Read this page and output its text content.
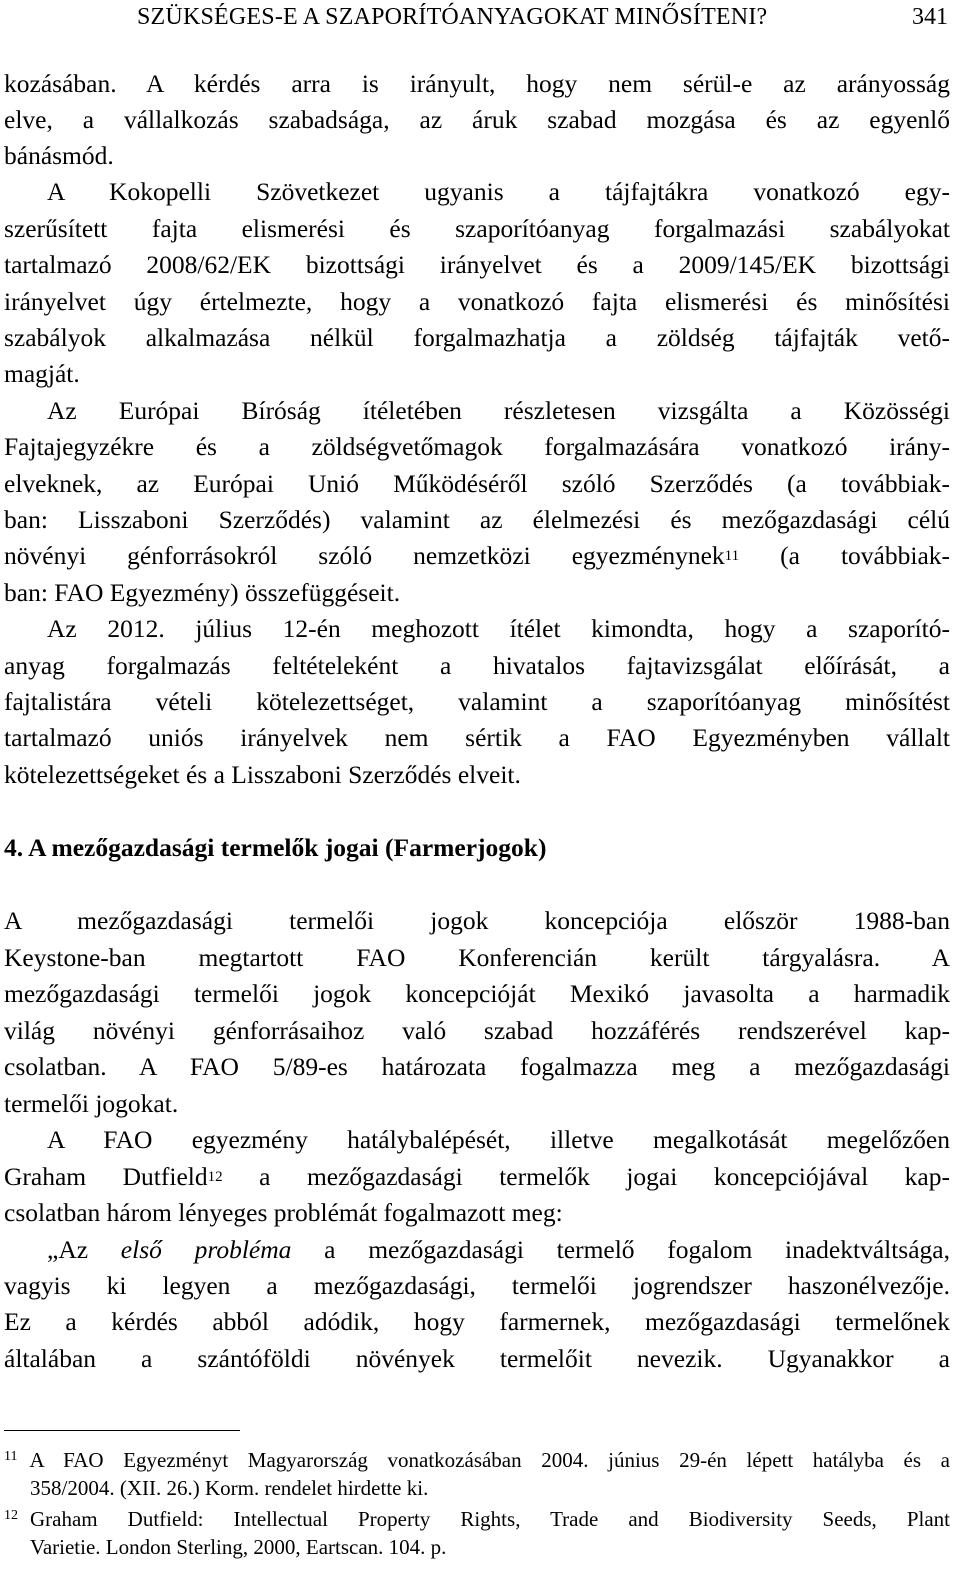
SZÜKSÉGES-E A SZAPORÍTÓANYAGOKAT MINŐSÍTENI?	341
kozásában. A kérdés arra is irányult, hogy nem sérül-e az arányosság
elve, a vállalkozás szabadsága, az áruk szabad mozgása és az egyenlő
bánásmód.
A Kokopelli Szövetkezet ugyanis a tájfajtákra vonatkozó egy-
szerűsített fajta elismerési és szaporítóanyag forgalmazási szabályokat
tartalmazó 2008/62/EK bizottsági irányelvet és a 2009/145/EK bizottsági
irányelvet úgy értelmezte, hogy a vonatkozó fajta elismerési és minősítési
szabályok alkalmazása nélkül forgalmazhatja a zöldség tájfajták vető-
magját.
Az Európai Bíróság ítéletében részletesen vizsgálta a Közösségi
Fajtajegyzékre és a zöldségvetőmagok forgalmazására vonatkozó irány-
elveknek, az Európai Unió Működéséről szóló Szerződés (a továbbiak-
ban: Lisszaboni Szerződés) valamint az élelmezési és mezőgazdasági célú
növényi génforrásokról szóló nemzetközi egyezménynek$^{11}$ (a továbbiak-
ban: FAO Egyezmény) összefüggéseit.
Az 2012. július 12-én meghozott ítélet kimondta, hogy a szaporító-
anyag forgalmazás feltételeként a hivatalos fajtavizsgálat előírását, a
fajtalistára vételi kötelezettséget, valamint a szaporítóanyag minősítést
tartalmazó uniós irányelvek nem sértik a FAO Egyezményben vállalt
kötelezettségeket és a Lisszaboni Szerződés elveit.
4. A mezőgazdasági termelők jogai (Farmerjogok)
A mezőgazdasági termelői jogok koncepciója először 1988-ban
Keystone-ban megtartott FAO Konferencián került tárgyalásra. A
mezőgazdasági termelői jogok koncepcióját Mexikó javasolta a harmadik
világ növényi génforrásaihoz való szabad hozzáférés rendszerével kap-
csolatban. A FAO 5/89-es határozata fogalmazza meg a mezőgazdasági
termelői jogokat.
A FAO egyezmény hatálybalépését, illetve megalkotását megelőzően
Graham Dutfield$^{12}$ a mezőgazdasági termelők jogai koncepciójával kap-
csolatban három lényeges problémát fogalmazott meg:
„Az első probléma a mezőgazdasági termelő fogalom inadektváltsága,
vagyis ki legyen a mezőgazdasági, termelői jogrendszer haszonélvezője.
Ez a kérdés abból adódik, hogy farmernek, mezőgazdasági termelőnek
általában a szántóföldi növények termelőit nevezik. Ugyanakkor a
$^{11}$ A FAO Egyezményt Magyarország vonatkozásában 2004. június 29-én lépett hatályba és a
358/2004. (XII. 26.) Korm. rendelet hirdette ki.
$^{12}$ Graham Dutfield: Intellectual Property Rights, Trade and Biodiversity Seeds, Plant
Varietie. London Sterling, 2000, Eartscan. 104. p.
